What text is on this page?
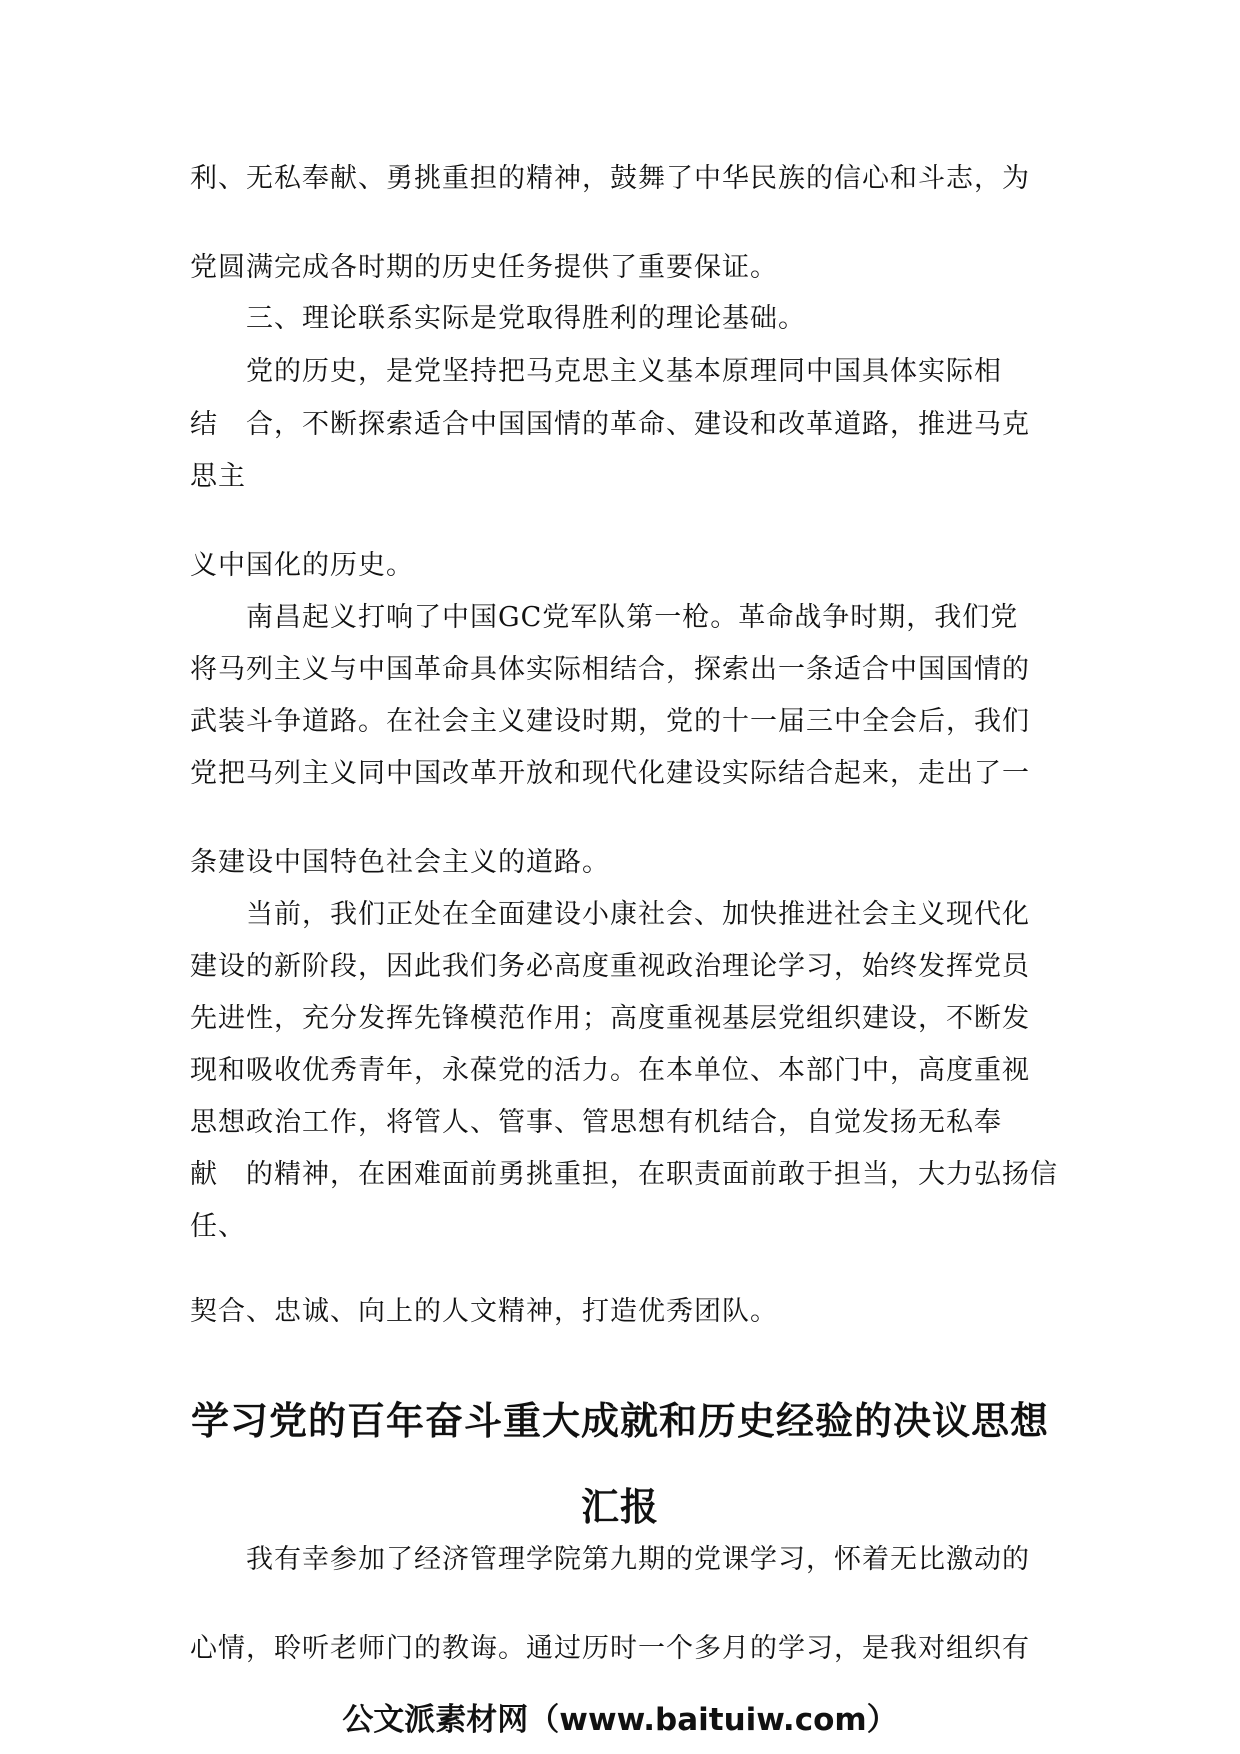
利、无私奉献、勇挑重担的精神，鼓舞了中华民族的信心和斗志，为
党圆满完成各时期的历史任务提供了重要保证。
三、理论联系实际是党取得胜利的理论基础。
党的历史，是党坚持把马克思主义基本原理同中国具体实际相
结　合，不断探索适合中国国情的革命、建设和改革道路，推进马克
思主
义中国化的历史。
南昌起义打响了中国GC党军队第一枪。革命战争时期，我们党
将马列主义与中国革命具体实际相结合，探索出一条适合中国国情的
武装斗争道路。在社会主义建设时期，党的十一届三中全会后，我们
党把马列主义同中国改革开放和现代化建设实际结合起来，走出了一
条建设中国特色社会主义的道路。
当前，我们正处在全面建设小康社会、加快推进社会主义现代化
建设的新阶段，因此我们务必高度重视政治理论学习，始终发挥党员
先进性，充分发挥先锋模范作用；高度重视基层党组织建设，不断发
现和吸收优秀青年，永葆党的活力。在本单位、本部门中，高度重视
思想政治工作，将管人、管事、管思想有机结合，自觉发扬无私奉
献　的精神，在困难面前勇挑重担，在职责面前敢于担当，大力弘扬信
任、
契合、忠诚、向上的人文精神，打造优秀团队。
学习党的百年奋斗重大成就和历史经验的决议思想
汇报
我有幸参加了经济管理学院第九期的党课学习，怀着无比激动的
心情，聆听老师门的教诲。通过历时一个多月的学习，是我对组织有
公文派素材网（www.baituiw.com）
